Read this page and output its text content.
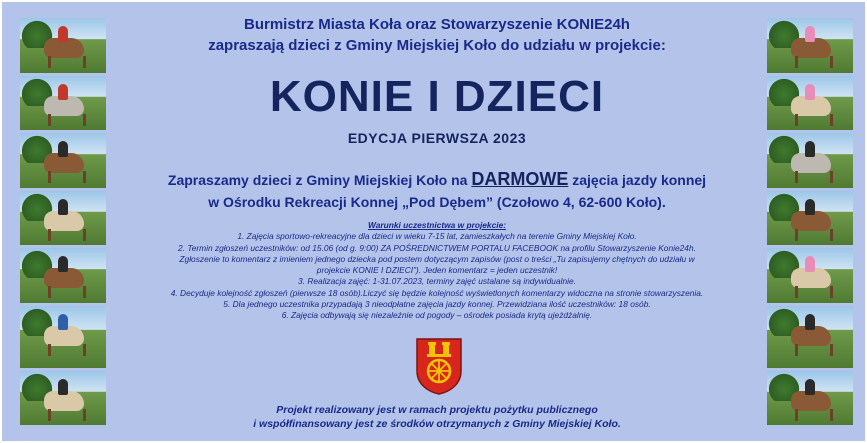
Burmistrz Miasta Koła oraz Stowarzyszenie KONIE24h
zapraszają dzieci z Gminy Miejskiej Koło do udziału w projekcie:
KONIE I DZIECI
EDYCJA PIERWSZA 2023
Zapraszamy dzieci z Gminy Miejskiej Koło na DARMOWE zajęcia jazdy konnej
w Ośrodku Rekreacji Konnej „Pod Dębem” (Czołowo 4, 62-600 Koło).
Warunki uczestnictwa w projekcie:
1. Zajęcia sportowo-rekreacyjne dla dzieci w wieku 7-15 lat, zamieszkałych na terenie Gminy Miejskiej Koło.
2. Termin zgłoszeń uczestników: od 15.06 (od g. 9:00) ZA POŚREDNICTWEM PORTALU FACEBOOK na profilu Stowarzyszenie Konie24h.
Zgłoszenie to komentarz z imieniem jednego dziecka pod postem dotyczącym zapisów (post o treści „Tu zapisujemy chętnych do udziału w
projekcie KONIE I DZIECI”). Jeden komentarz = jeden uczestnik!
3. Realizacja zajęć: 1-31.07.2023, terminy zajęć ustalane są indywidualnie.
4. Decyduje kolejność zgłoszeń (pierwsze 18 osób).Liczyć się będzie kolejność wyświetlonych komentarzy widoczna na stronie stowarzyszenia.
5. Dla jednego uczestnika przypadają 3 nieodpłatne zajęcia jazdy konnej. Przewidziana ilość uczestników: 18 osób.
6. Zajęcia odbywają się niezależnie od pogody – ośrodek posiada krytą ujeżdżalnię.
Projekt realizowany jest w ramach projektu pożytku publicznego
i współfinansowany jest ze środków otrzymanych z Gminy Miejskiej Koło.
